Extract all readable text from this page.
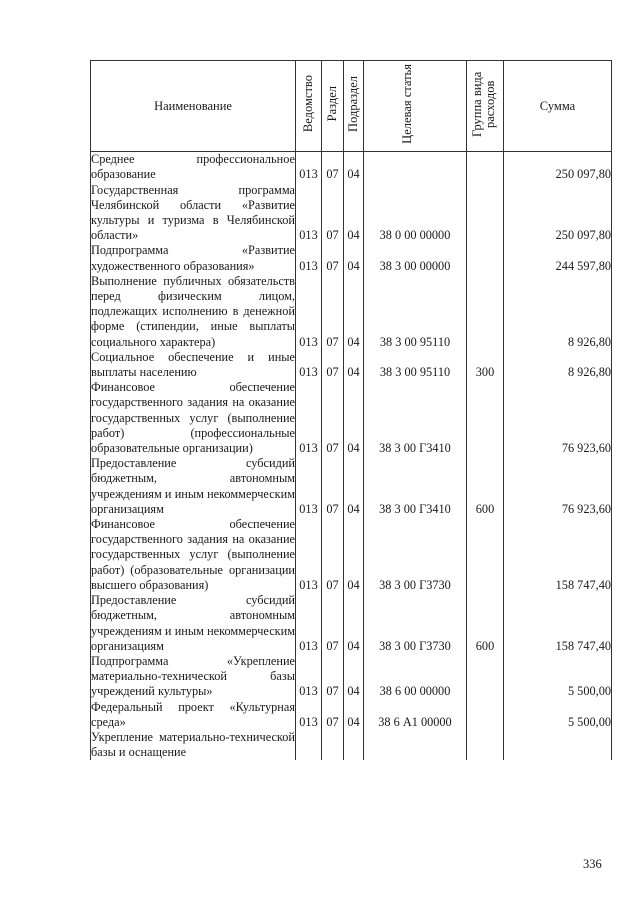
Наименование	Ведомство	Раздел	Подраздел	Целевая статья	Группа вида расходов	Сумма
Среднее профессиональное образование	013	07	04			250 097,80
Государственная программа Челябинской области «Развитие культуры и туризма в Челябинской области»	013	07	04	38 0 00 00000		250 097,80
Подпрограмма «Развитие художественного образования»	013	07	04	38 3 00 00000		244 597,80
Выполнение публичных обязательств перед физическим лицом, подлежащих исполнению в денежной форме (стипендии, иные выплаты социального характера)	013	07	04	38 3 00 95110		8 926,80
Социальное обеспечение и иные выплаты населению	013	07	04	38 3 00 95110	300	8 926,80
Финансовое обеспечение государственного задания на оказание государственных услуг (выполнение работ) (профессиональные образовательные организации)	013	07	04	38 3 00 Г3410		76 923,60
Предоставление субсидий бюджетным, автономным учреждениям и иным некоммерческим организациям	013	07	04	38 3 00 Г3410	600	76 923,60
Финансовое обеспечение государственного задания на оказание государственных услуг (выполнение работ) (образовательные организации высшего образования)	013	07	04	38 3 00 Г3730		158 747,40
Предоставление субсидий бюджетным, автономным учреждениям и иным некоммерческим организациям	013	07	04	38 3 00 Г3730	600	158 747,40
Подпрограмма «Укрепление материально-технической базы учреждений культуры»	013	07	04	38 6 00 00000		5 500,00
Федеральный проект «Культурная среда»	013	07	04	38 6 А1 00000		5 500,00
Укрепление материально-технической базы и оснащение						
336
